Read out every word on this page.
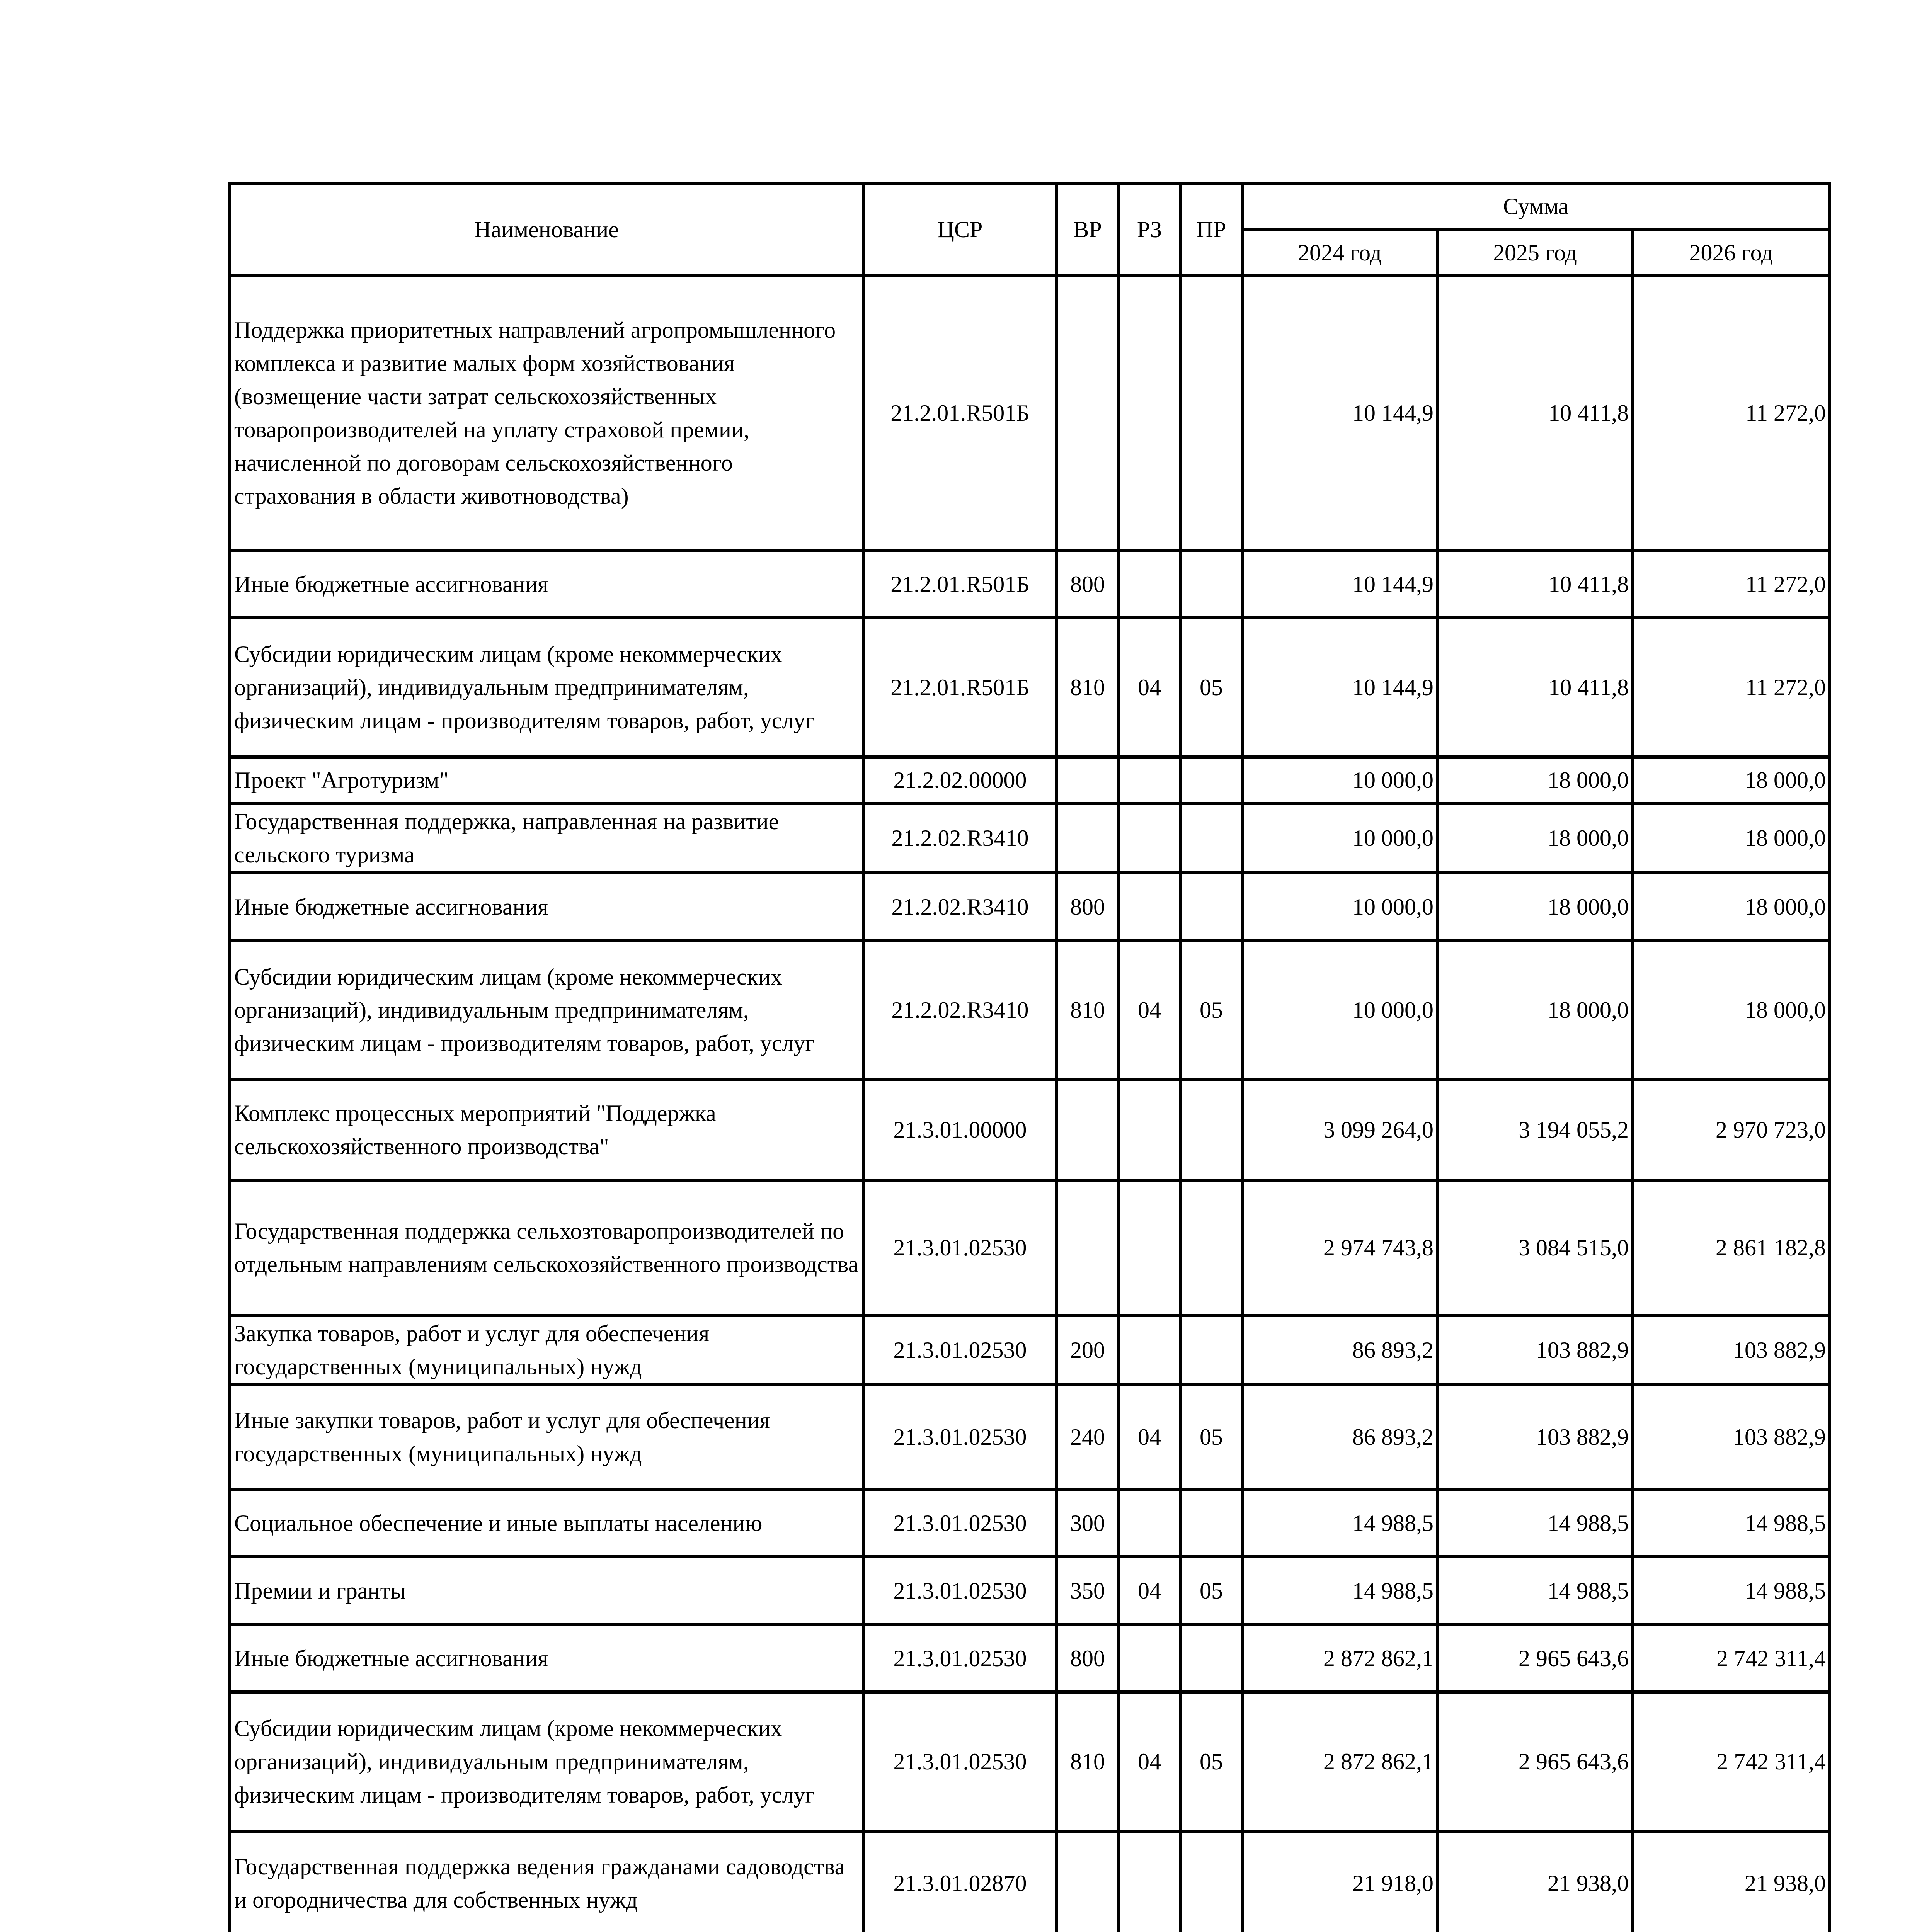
Наименование	ЦСР	ВР	РЗ	ПР	Сумма		
					2024 год	2025 год	2026 год
Поддержка приоритетных направлений агропромышленного комплекса и развитие малых форм хозяйствования (возмещение части затрат сельскохозяйственных товаропроизводителей на уплату страховой премии, начисленной по договорам сельскохозяйственного страхования в области животноводства)	21.2.01.R501Б				10 144,9	10 411,8	11 272,0
Иные бюджетные ассигнования	21.2.01.R501Б	800			10 144,9	10 411,8	11 272,0
Субсидии юридическим лицам (кроме некоммерческих организаций), индивидуальным предпринимателям, физическим лицам - производителям товаров, работ, услуг	21.2.01.R501Б	810	04	05	10 144,9	10 411,8	11 272,0
Проект "Агротуризм"	21.2.02.00000				10 000,0	18 000,0	18 000,0
Государственная поддержка, направленная на развитие сельского туризма	21.2.02.R3410				10 000,0	18 000,0	18 000,0
Иные бюджетные ассигнования	21.2.02.R3410	800			10 000,0	18 000,0	18 000,0
Субсидии юридическим лицам (кроме некоммерческих организаций), индивидуальным предпринимателям, физическим лицам - производителям товаров, работ, услуг	21.2.02.R3410	810	04	05	10 000,0	18 000,0	18 000,0
Комплекс процессных мероприятий "Поддержка сельскохозяйственного производства"	21.3.01.00000				3 099 264,0	3 194 055,2	2 970 723,0
Государственная поддержка сельхозтоваропроизводителей по отдельным направлениям сельскохозяйственного производства	21.3.01.02530				2 974 743,8	3 084 515,0	2 861 182,8
Закупка товаров, работ и услуг для обеспечения государственных (муниципальных) нужд	21.3.01.02530	200			86 893,2	103 882,9	103 882,9
Иные закупки товаров, работ и услуг для обеспечения государственных (муниципальных) нужд	21.3.01.02530	240	04	05	86 893,2	103 882,9	103 882,9
Социальное обеспечение и иные выплаты населению	21.3.01.02530	300			14 988,5	14 988,5	14 988,5
Премии и гранты	21.3.01.02530	350	04	05	14 988,5	14 988,5	14 988,5
Иные бюджетные ассигнования	21.3.01.02530	800			2 872 862,1	2 965 643,6	2 742 311,4
Субсидии юридическим лицам (кроме некоммерческих организаций), индивидуальным предпринимателям, физическим лицам - производителям товаров, работ, услуг	21.3.01.02530	810	04	05	2 872 862,1	2 965 643,6	2 742 311,4
Государственная поддержка ведения гражданами садоводства и огородничества для собственных нужд	21.3.01.02870				21 918,0	21 938,0	21 938,0
